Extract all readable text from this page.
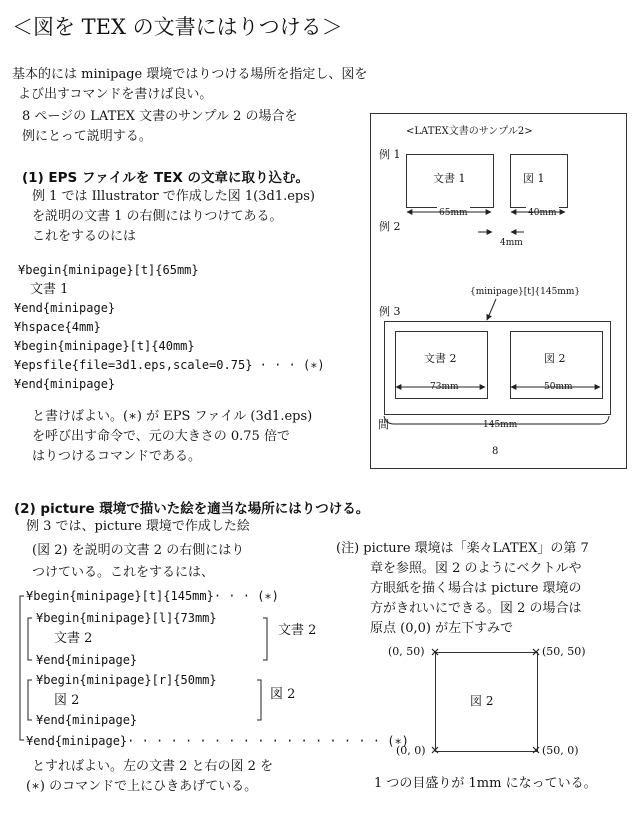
＜図を TEX の文書にはりつける＞
基本的には minipage 環境ではりつける場所を指定し、図を
よび出すコマンドを書けば良い。
8 ページの LATEX 文書のサンプル 2 の場合を
例にとって説明する。
(1) EPS ファイルを TEX の文章に取り込む。
例 1 では Illustrator で作成した図 1(3d1.eps)
を説明の文書 1 の右側にはりつけてある。
これをするのには
¥begin{minipage}[t]{65mm}
文書 1
¥end{minipage}
¥hspace{4mm}
¥begin{minipage}[t]{40mm}
¥epsfile{file=3d1.eps,scale=0.75} · · · (∗)
¥end{minipage}
と書けばよい。(∗) が EPS ファイル (3d1.eps)
を呼び出す命令で、元の大きさの 0.75 倍で
はりつけるコマンドである。
<LATEX文書のサンプル2>
例 1
文書 1	図 1
65mm	40mm
例 2
4mm
{minipage}[t]{145mm}
例 3
文書 2	図 2
73mm	50mm
間	145mm
8
(2) picture 環境で描いた絵を適当な場所にはりつける。
例 3 では、picture 環境で作成した絵
(図 2) を説明の文書 2 の右側にはり
つけている。これをするには、
¥begin{minipage}[t]{145mm}· · · (∗)
¥begin{minipage}[l]{73mm}
文書 2
¥end{minipage}
¥begin{minipage}[r]{50mm}
図 2
¥end{minipage}
¥end{minipage}· · · · · · · · · · · · · · · · · · (∗)
文書 2
図 2
とすればよい。左の文書 2 と右の図 2 を
(∗) のコマンドで上にひきあげている。
(注) picture 環境は「楽々LATEX」の第 7
章を参照。図 2 のようにベクトルや
方眼紙を描く場合は picture 環境の
方がきれいにできる。図 2 の場合は
原点 (0,0) が左下すみで
(0, 50)	(50, 50)
(0, 0)	(50, 0)
図 2
1 つの目盛りが 1mm になっている。
